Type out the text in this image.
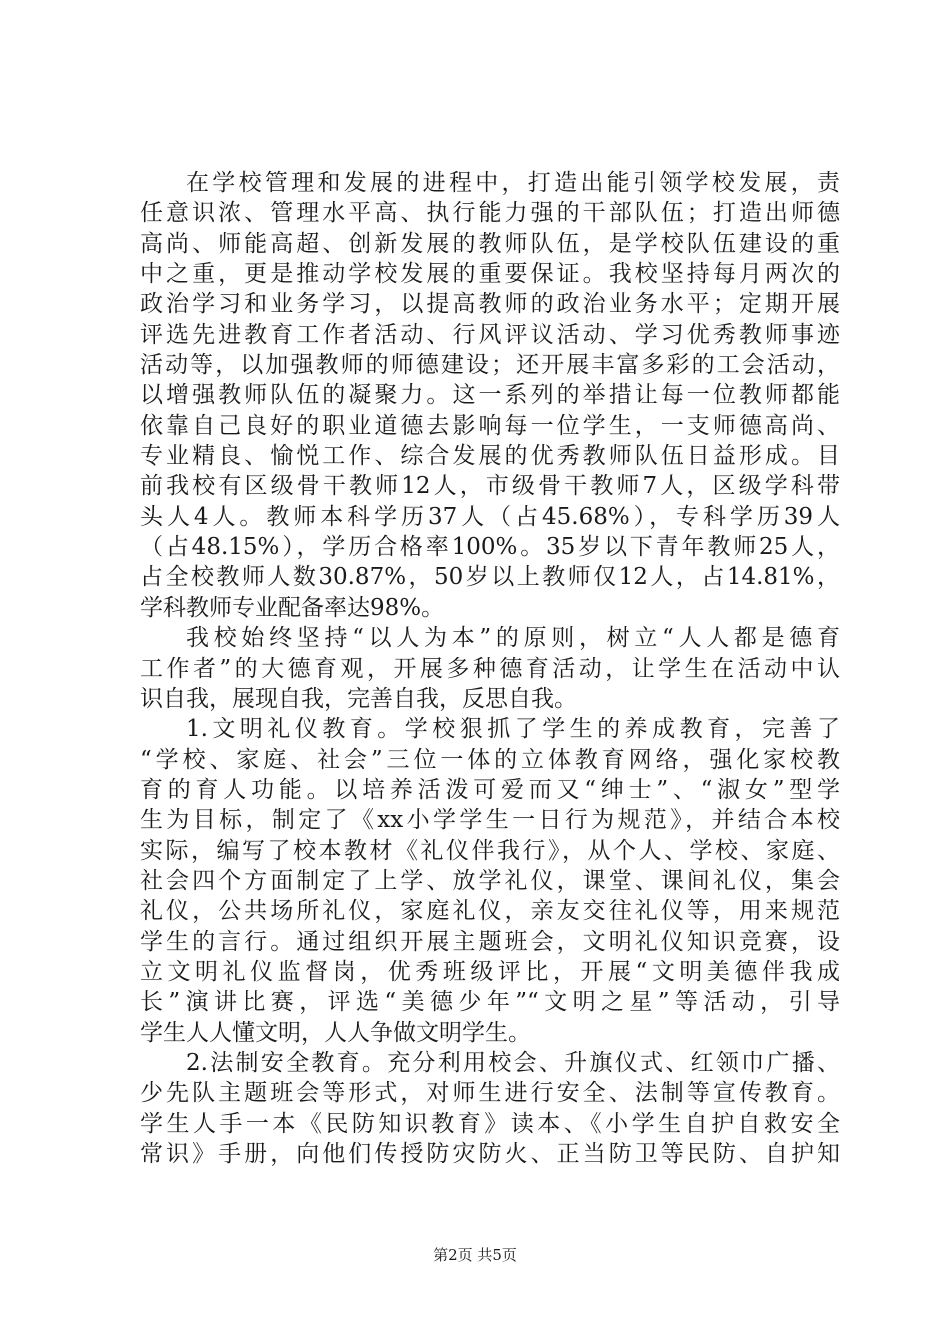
在学校管理和发展的进程中，打造出能引领学校发展，责
任意识浓、管理水平高、执行能力强的干部队伍；打造出师德
高尚、师能高超、创新发展的教师队伍，是学校队伍建设的重
中之重，更是推动学校发展的重要保证。我校坚持每月两次的
政治学习和业务学习，以提高教师的政治业务水平；定期开展
评选先进教育工作者活动、行风评议活动、学习优秀教师事迹
活动等，以加强教师的师德建设；还开展丰富多彩的工会活动，
以增强教师队伍的凝聚力。这一系列的举措让每一位教师都能
依靠自己良好的职业道德去影响每一位学生，一支师德高尚、
专业精良、愉悦工作、综合发展的优秀教师队伍日益形成。目
前我校有区级骨干教师12人，市级骨干教师7人，区级学科带
头人4人。教师本科学历37人（占45.68%），专科学历39人
（占48.15%），学历合格率100%。35岁以下青年教师25人，
占全校教师人数30.87%，50岁以上教师仅12人，占14.81%，
学科教师专业配备率达98%。
我校始终坚持“以人为本”的原则，树立“人人都是德育
工作者”的大德育观，开展多种德育活动，让学生在活动中认
识自我，展现自我，完善自我，反思自我。
1.文明礼仪教育。学校狠抓了学生的养成教育，完善了
“学校、家庭、社会”三位一体的立体教育网络，强化家校教
育的育人功能。以培养活泼可爱而又“绅士”、“淑女”型学
生为目标，制定了《xx小学学生一日行为规范》，并结合本校
实际，编写了校本教材《礼仪伴我行》，从个人、学校、家庭、
社会四个方面制定了上学、放学礼仪，课堂、课间礼仪，集会
礼仪，公共场所礼仪，家庭礼仪，亲友交往礼仪等，用来规范
学生的言行。通过组织开展主题班会，文明礼仪知识竞赛，设
立文明礼仪监督岗，优秀班级评比，开展“文明美德伴我成
长”演讲比赛，评选“美德少年”“文明之星”等活动，引导
学生人人懂文明，人人争做文明学生。
2.法制安全教育。充分利用校会、升旗仪式、红领巾广播、
少先队主题班会等形式，对师生进行安全、法制等宣传教育。
学生人手一本《民防知识教育》读本、《小学生自护自救安全
常识》手册，向他们传授防灾防火、正当防卫等民防、自护知
第2页 共5页
